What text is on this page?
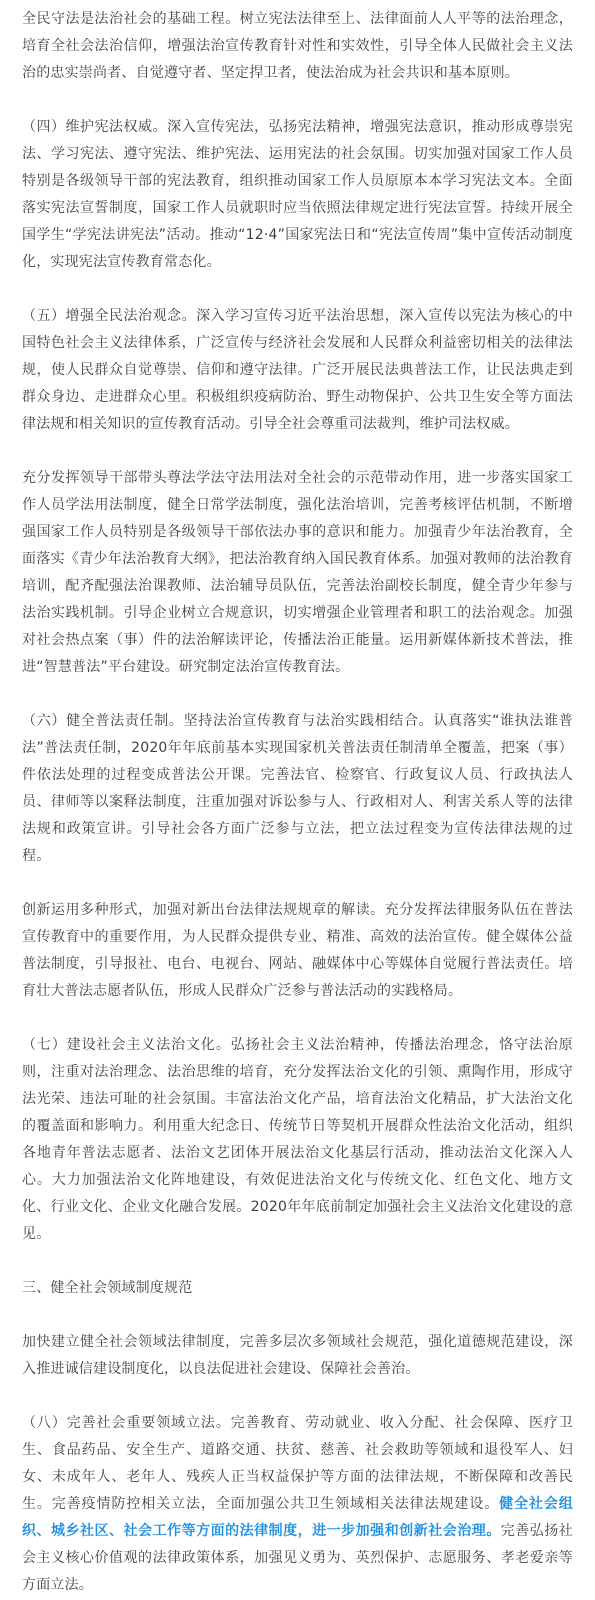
全民守法是法治社会的基础工程。树立宪法法律至上、法律面前人人平等的法治理念，培育全社会法治信仰，增强法治宣传教育针对性和实效性，引导全体人民做社会主义法治的忠实崇尚者、自觉遵守者、坚定捍卫者，使法治成为社会共识和基本原则。

（四）维护宪法权威。深入宣传宪法，弘扬宪法精神，增强宪法意识，推动形成尊崇宪法、学习宪法、遵守宪法、维护宪法、运用宪法的社会氛围。切实加强对国家工作人员特别是各级领导干部的宪法教育，组织推动国家工作人员原原本本学习宪法文本。全面落实宪法宣誓制度，国家工作人员就职时应当依照法律规定进行宪法宣誓。持续开展全国学生“学宪法讲宪法”活动。推动“12·4”国家宪法日和“宪法宣传周”集中宣传活动制度化，实现宪法宣传教育常态化。

（五）增强全民法治观念。深入学习宣传习近平法治思想，深入宣传以宪法为核心的中国特色社会主义法律体系，广泛宣传与经济社会发展和人民群众利益密切相关的法律法规，使人民群众自觉尊崇、信仰和遵守法律。广泛开展民法典普法工作，让民法典走到群众身边、走进群众心里。积极组织疫病防治、野生动物保护、公共卫生安全等方面法律法规和相关知识的宣传教育活动。引导全社会尊重司法裁判，维护司法权威。

充分发挥领导干部带头尊法学法守法用法对全社会的示范带动作用，进一步落实国家工作人员学法用法制度，健全日常学法制度，强化法治培训，完善考核评估机制，不断增强国家工作人员特别是各级领导干部依法办事的意识和能力。加强青少年法治教育，全面落实《青少年法治教育大纲》，把法治教育纳入国民教育体系。加强对教师的法治教育培训，配齐配强法治课教师、法治辅导员队伍，完善法治副校长制度，健全青少年参与法治实践机制。引导企业树立合规意识，切实增强企业管理者和职工的法治观念。加强对社会热点案（事）件的法治解读评论，传播法治正能量。运用新媒体新技术普法，推进“智慧普法”平台建设。研究制定法治宣传教育法。

（六）健全普法责任制。坚持法治宣传教育与法治实践相结合。认真落实“谁执法谁普法”普法责任制，2020年年底前基本实现国家机关普法责任制清单全覆盖，把案（事）件依法处理的过程变成普法公开课。完善法官、检察官、行政复议人员、行政执法人员、律师等以案释法制度，注重加强对诉讼参与人、行政相对人、利害关系人等的法律法规和政策宣讲。引导社会各方面广泛参与立法，把立法过程变为宣传法律法规的过程。

创新运用多种形式，加强对新出台法律法规规章的解读。充分发挥法律服务队伍在普法宣传教育中的重要作用，为人民群众提供专业、精准、高效的法治宣传。健全媒体公益普法制度，引导报社、电台、电视台、网站、融媒体中心等媒体自觉履行普法责任。培育壮大普法志愿者队伍，形成人民群众广泛参与普法活动的实践格局。

（七）建设社会主义法治文化。弘扬社会主义法治精神，传播法治理念，恪守法治原则，注重对法治理念、法治思维的培育，充分发挥法治文化的引领、熏陶作用，形成守法光荣、违法可耻的社会氛围。丰富法治文化产品，培育法治文化精品，扩大法治文化的覆盖面和影响力。利用重大纪念日、传统节日等契机开展群众性法治文化活动，组织各地青年普法志愿者、法治文艺团体开展法治文化基层行活动，推动法治文化深入人心。大力加强法治文化阵地建设，有效促进法治文化与传统文化、红色文化、地方文化、行业文化、企业文化融合发展。2020年年底前制定加强社会主义法治文化建设的意见。

三、健全社会领域制度规范

加快建立健全社会领域法律制度，完善多层次多领域社会规范，强化道德规范建设，深入推进诚信建设制度化，以良法促进社会建设、保障社会善治。

（八）完善社会重要领域立法。完善教育、劳动就业、收入分配、社会保障、医疗卫生、食品药品、安全生产、道路交通、扶贫、慈善、社会救助等领域和退役军人、妇女、未成年人、老年人、残疾人正当权益保护等方面的法律法规，不断保障和改善民生。完善疫情防控相关立法，全面加强公共卫生领域相关法律法规建设。健全社会组织、城乡社区、社会工作等方面的法律制度，进一步加强和创新社会治理。完善弘扬社会主义核心价值观的法律政策体系，加强见义勇为、英烈保护、志愿服务、孝老爱亲等方面立法。
